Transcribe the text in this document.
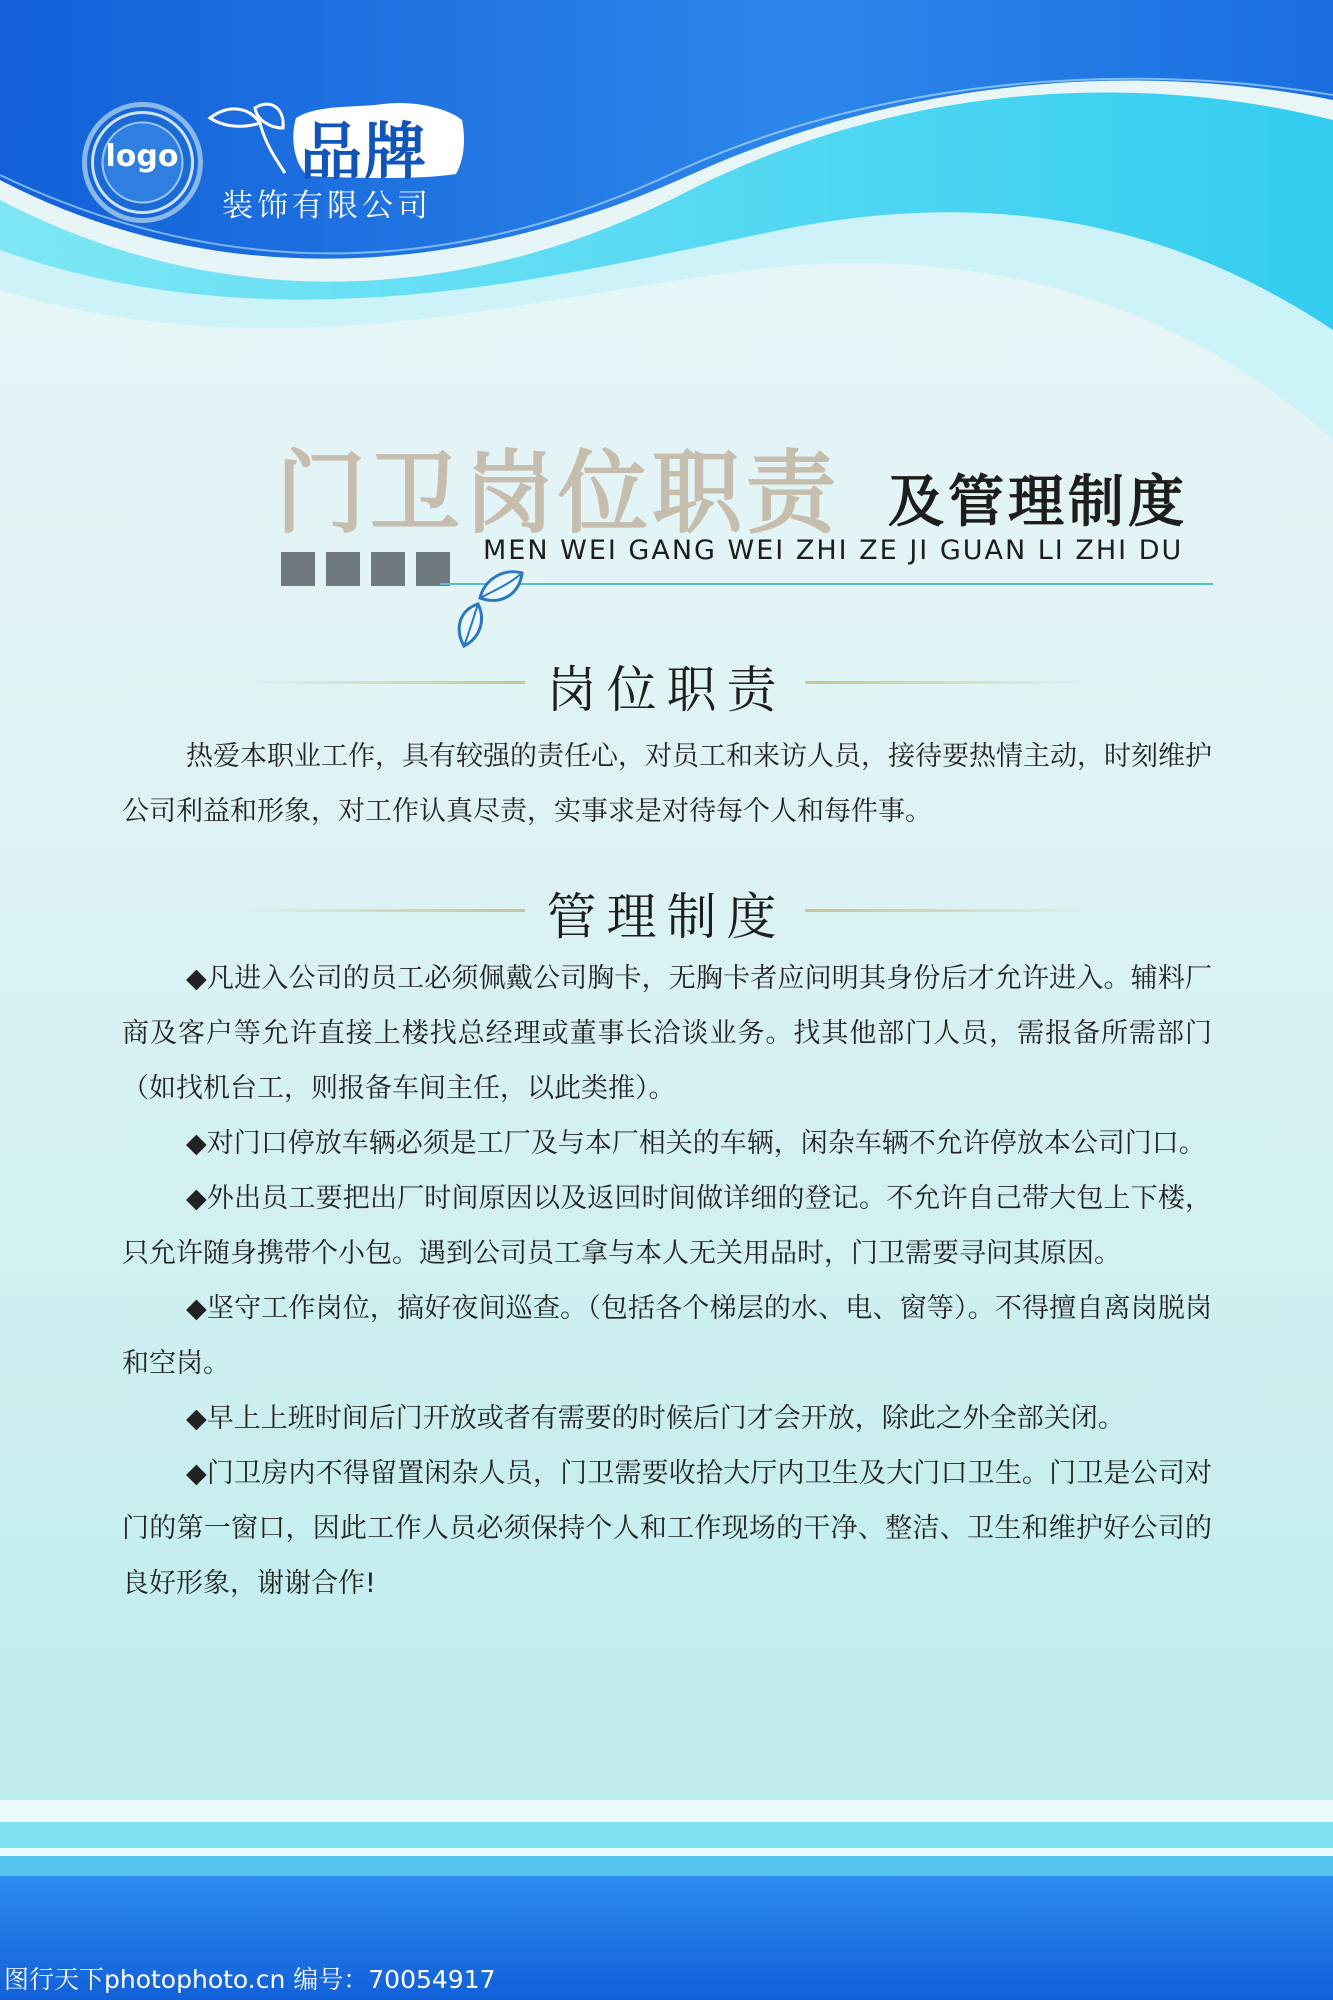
logo 品牌
装饰有限公司
门卫岗位职责 及管理制度
MEN WEI GANG WEI ZHI ZE JI GUAN LI ZHI DU
岗位职责

热爱本职业工作，具有较强的责任心，对员工和来访人员，接待要热情主动，时刻维护公司利益和形象，对工作认真尽责，实事求是对待每个人和每件事。

管理制度

◆凡进入公司的员工必须佩戴公司胸卡，无胸卡者应问明其身份后才允许进入。辅料厂商及客户等允许直接上楼找总经理或董事长洽谈业务。找其他部门人员，需报备所需部门（如找机台工，则报备车间主任，以此类推）。

◆对门口停放车辆必须是工厂及与本厂相关的车辆，闲杂车辆不允许停放本公司门口。

◆外出员工要把出厂时间原因以及返回时间做详细的登记。不允许自己带大包上下楼，只允许随身携带个小包。遇到公司员工拿与本人无关用品时，门卫需要寻问其原因。

◆坚守工作岗位，搞好夜间巡查。（包括各个梯层的水、电、窗等）。不得擅自离岗脱岗和空岗。

◆早上上班时间后门开放或者有需要的时候后门才会开放，除此之外全部关闭。

◆门卫房内不得留置闲杂人员，门卫需要收拾大厅内卫生及大门口卫生。门卫是公司对门的第一窗口，因此工作人员必须保持个人和工作现场的干净、整洁、卫生和维护好公司的良好形象，谢谢合作!

图行天下photophoto.cn 编号：70054917
